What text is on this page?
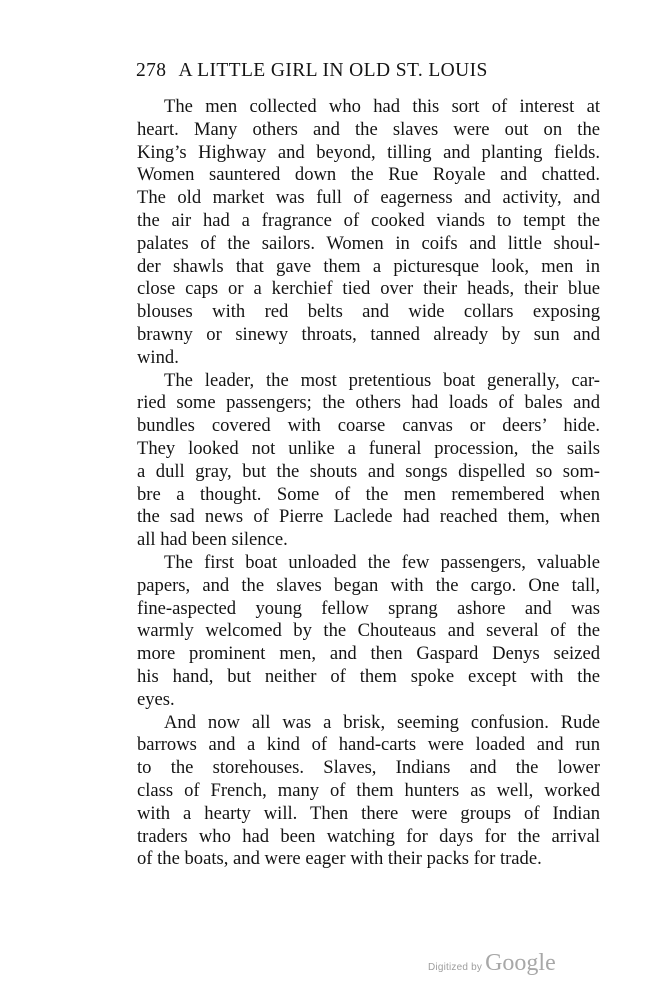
278 A LITTLE GIRL IN OLD ST. LOUIS

The men collected who had this sort of interest at
heart. Many others and the slaves were out on the
King’s Highway and beyond, tilling and planting fields.
Women sauntered down the Rue Royale and chatted.
The old market was full of eagerness and activity, and
the air had a fragrance of cooked viands to tempt the
palates of the sailors. Women in coifs and little shoul-
der shawls that gave them a picturesque look, men in
close caps or a kerchief tied over their heads, their blue
blouses with red belts and wide collars exposing
brawny or sinewy throats, tanned already by sun and
wind.

The leader, the most pretentious boat generally, car-
ried some passengers; the others had loads of bales and
bundles covered with coarse canvas or deers’ hide.
They looked not unlike a funeral procession, the sails
a dull gray, but the shouts and songs dispelled so som-
bre a thought. Some of the men remembered when
the sad news of Pierre Laclede had reached them, when
all had been silence.

The first boat unloaded the few passengers, valuable
papers, and the slaves began with the cargo. One tall,
fine-aspected young fellow sprang ashore and was
warmly welcomed by the Chouteaus and several of the
more prominent men, and then Gaspard Denys seized
his hand, but neither of them spoke except with the
eyes.

And now all was a brisk, seeming confusion. Rude
barrows and a kind of hand-carts were loaded and run
to the storehouses. Slaves, Indians and the lower
class of French, many of them hunters as well, worked
with a hearty will. Then there were groups of Indian
traders who had been watching for days for the arrival
of the boats, and were eager with their packs for trade.

Digitized by Google
